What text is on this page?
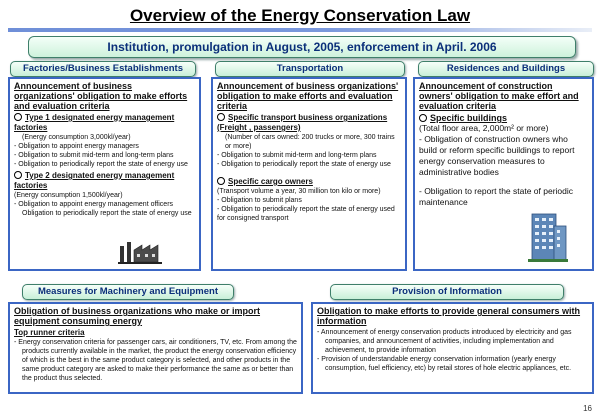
Overview of the Energy Conservation Law
Institution, promulgation in August, 2005, enforcement in April. 2006
Factories/Business Establishments	Transportation	Residences and Buildings
Announcement of business organizations' obligation to make efforts and evaluation criteria
Type 1 designated energy management factories
(Energy consumption 3,000kl/year)
- Obligation to appoint energy managers
- Obligation to submit mid-term and long-term plans
- Obligation to periodically report the state of energy use
Type 2 designated energy management factories
(Energy consumption 1,500kl/year)
- Obligation to appoint energy management officers
Obligation to periodically report the state of energy use
Announcement of business organizations' obligation to make efforts and evaluation criteria
Specific transport business organizations (Freight , passengers)
(Number of cars owned: 200 trucks or more, 300 trains or more)
- Obligation to submit mid-term and long-term plans
- Obligation to periodically report the state of energy use
Specific cargo owners
(Transport volume a year, 30 million ton kilo or more)
- Obligation to submit plans
- Obligation to periodically report the state of energy used for consigned transport
Announcement of construction owners' obligation to make effort and evaluation criteria
Specific buildings
(Total floor area, 2,000m² or more)
- Obligation of construction owners who build or reform specific buildings to report energy conservation measures to administrative bodies
- Obligation to report the state of periodic maintenance
Measures for Machinery and Equipment	Provision of Information
Obligation of business organizations who make or import equipment consuming energy
Top runner criteria
- Energy conservation criteria for passenger cars, air conditioners, TV, etc. From among the products currently available in the market, the product the energy conservation efficiency of which is the best in the same product category is selected, and other products in the same product category are asked to make their performance the same as or better than the product thus selected.
Obligation to make efforts to provide general consumers with information
- Announcement of energy conservation products introduced by electricity and gas companies, and announcement of activities, including implementation and achievement, to provide information
- Provision of understandable energy conservation information (yearly energy consumption, fuel efficiency, etc) by retail stores of hole electric appliances, etc.
16
